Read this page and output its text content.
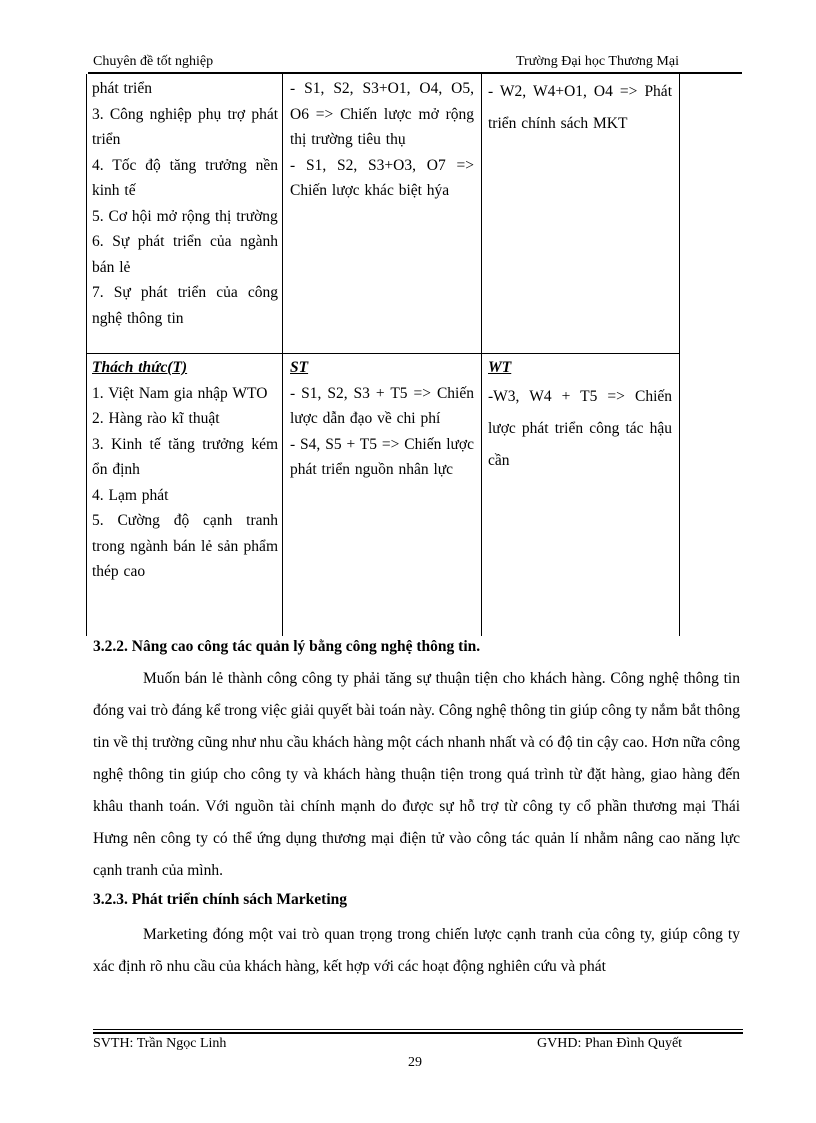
Chuyên đề tốt nghiệp	Trường Đại học Thương Mại

phát triển

3. Công nghiệp phụ trợ phát triển

4. Tốc độ tăng trưởng nền kinh tế

5. Cơ hội mở rộng thị trường

6. Sự phát triển của ngành bán lẻ

7. Sự phát triển của công nghệ thông tin

- S1, S2, S3+O1, O4, O5, O6 => Chiến lược mở rộng thị trường tiêu thụ

- S1, S2, S3+O3, O7 => Chiến lược khác biệt hýa

- W2, W4+O1, O4 => Phát triển chính sách MKT

Thách thức(T)

1. Việt Nam gia nhập WTO

2. Hàng rào kĩ thuật

3. Kinh tế tăng trưởng kém ổn định

4. Lạm phát

5. Cường độ cạnh tranh trong ngành bán lẻ sản phẩm thép cao

ST

- S1, S2, S3 + T5 => Chiến lược dẫn đạo về chi phí

- S4, S5 + T5 => Chiến lược phát triển nguồn nhân lực

WT

-W3, W4 + T5 => Chiến lược phát triển công tác hậu cần

3.2.2. Nâng cao công tác quản lý bằng công nghệ thông tin.

Muốn bán lẻ thành công công ty phải tăng sự thuận tiện cho khách hàng. Công nghệ thông tin đóng vai trò đáng kể trong việc giải quyết bài toán này. Công nghệ thông tin giúp công ty nắm bắt thông tin về thị trường cũng như nhu cầu khách hàng một cách nhanh nhất và có độ tin cậy cao. Hơn nữa công nghệ thông tin giúp cho công ty và khách hàng thuận tiện trong quá trình từ đặt hàng, giao hàng đến khâu thanh toán. Với nguồn tài chính mạnh do được sự hỗ trợ từ công ty cổ phần thương mại Thái Hưng nên công ty có thể ứng dụng thương mại điện tử vào công tác quản lí nhằm nâng cao năng lực cạnh tranh của mình.

3.2.3. Phát triển chính sách Marketing

Marketing đóng một vai trò quan trọng trong chiến lược cạnh tranh của công ty, giúp công ty xác định rõ nhu cầu của khách hàng, kết hợp với các hoạt động nghiên cứu và phát

SVTH: Trần Ngọc Linh	GVHD: Phan Đình Quyết
29
